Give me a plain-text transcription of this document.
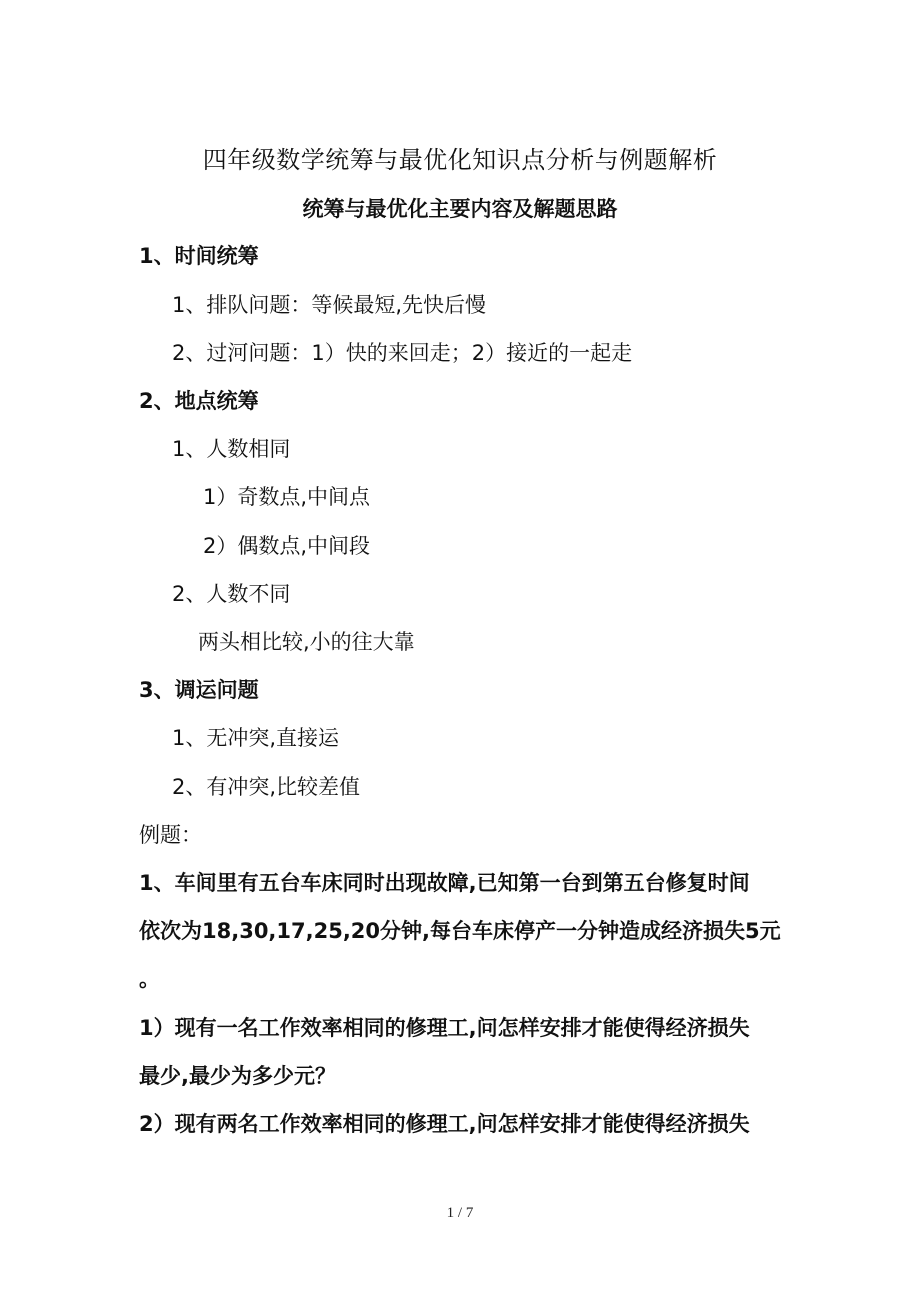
四年级数学统筹与最优化知识点分析与例题解析
统筹与最优化主要内容及解题思路
1、时间统筹
1、排队问题：等候最短,先快后慢
2、过河问题：1）快的来回走；2）接近的一起走
2、地点统筹
1、人数相同
1）奇数点,中间点
2）偶数点,中间段
2、人数不同
两头相比较,小的往大靠
3、调运问题
1、无冲突,直接运
2、有冲突,比较差值
例题：
1、车间里有五台车床同时出现故障,已知第一台到第五台修复时间
依次为18,30,17,25,20分钟,每台车床停产一分钟造成经济损失5元
。
1）现有一名工作效率相同的修理工,问怎样安排才能使得经济损失
最少,最少为多少元？
2）现有两名工作效率相同的修理工,问怎样安排才能使得经济损失
1 / 7
